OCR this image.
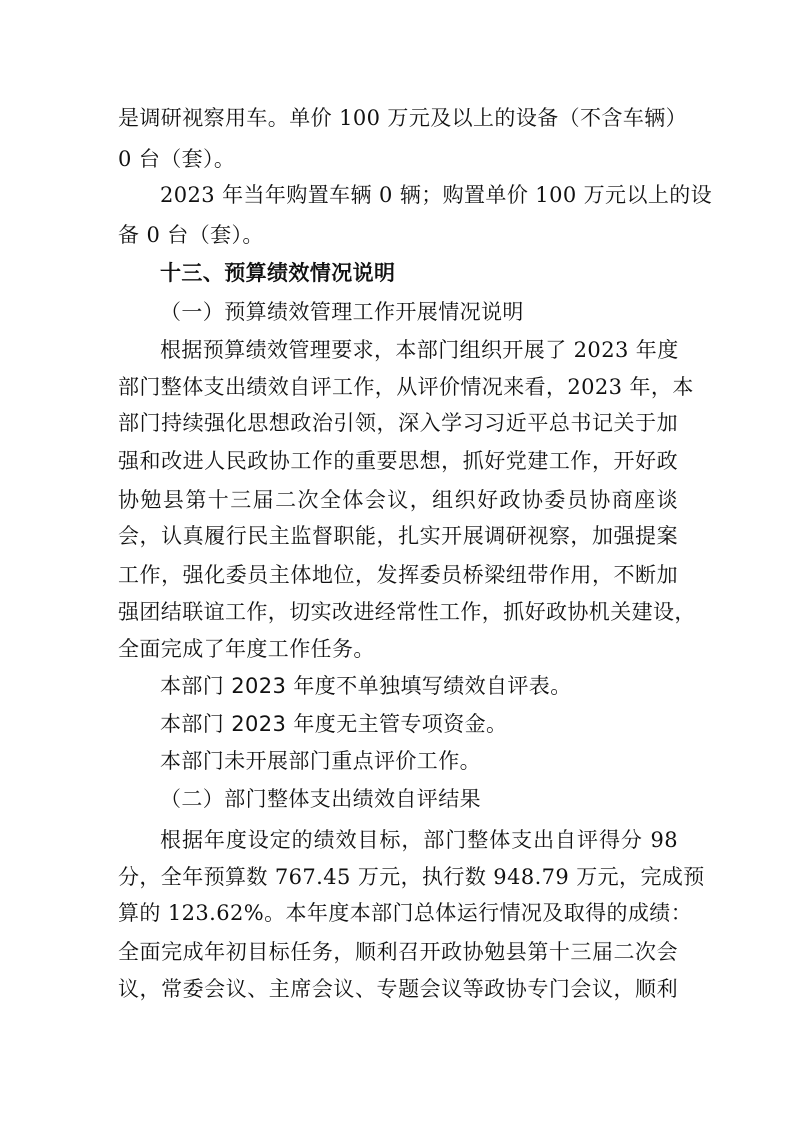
是调研视察用车。单价 100 万元及以上的设备（不含车辆）
0 台（套）。
2023 年当年购置车辆 0 辆；购置单价 100 万元以上的设
备 0 台（套）。
十三、预算绩效情况说明
（一）预算绩效管理工作开展情况说明
根据预算绩效管理要求，本部门组织开展了 2023 年度
部门整体支出绩效自评工作，从评价情况来看，2023 年，本
部门持续强化思想政治引领，深入学习习近平总书记关于加
强和改进人民政协工作的重要思想，抓好党建工作，开好政
协勉县第十三届二次全体会议，组织好政协委员协商座谈
会，认真履行民主监督职能，扎实开展调研视察，加强提案
工作，强化委员主体地位，发挥委员桥梁纽带作用，不断加
强团结联谊工作，切实改进经常性工作，抓好政协机关建设，
全面完成了年度工作任务。
本部门 2023 年度不单独填写绩效自评表。
本部门 2023 年度无主管专项资金。
本部门未开展部门重点评价工作。
（二）部门整体支出绩效自评结果
根据年度设定的绩效目标，部门整体支出自评得分 98
分，全年预算数 767.45 万元，执行数 948.79 万元，完成预
算的 123.62%。本年度本部门总体运行情况及取得的成绩：
全面完成年初目标任务，顺利召开政协勉县第十三届二次会
议，常委会议、主席会议、专题会议等政协专门会议，顺利
